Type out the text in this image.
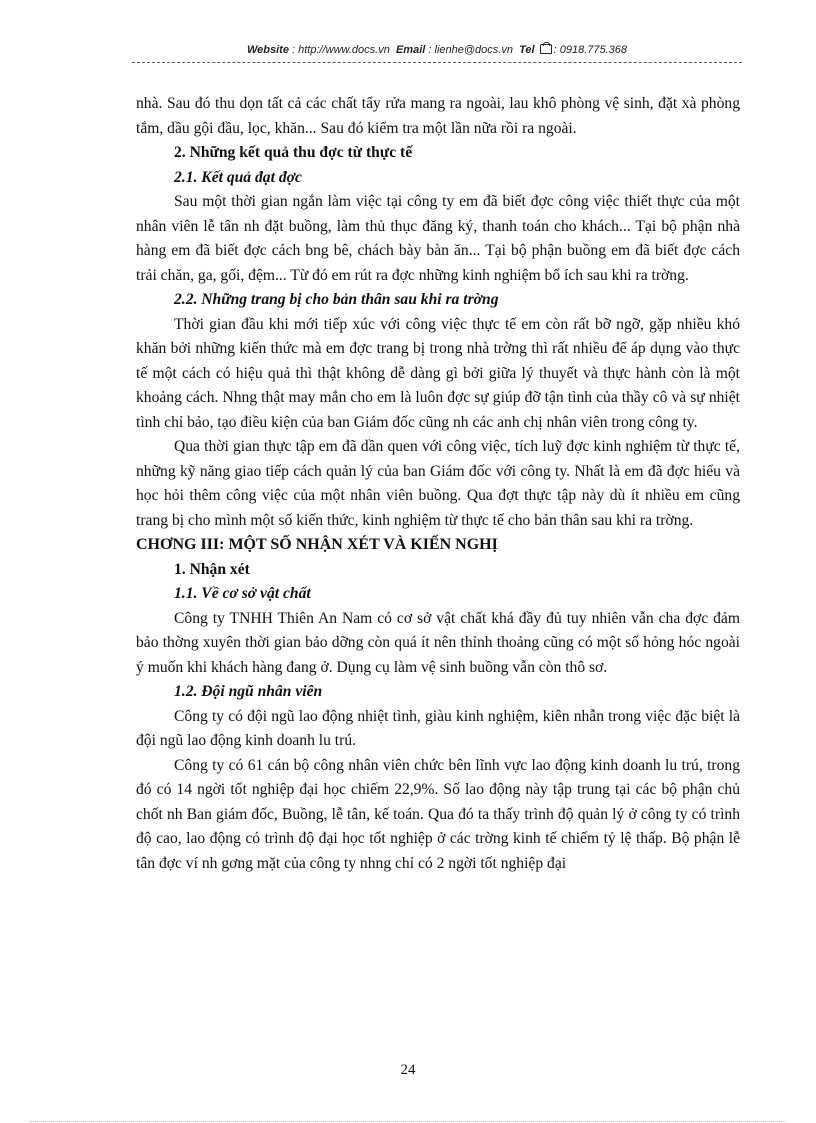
Website : http://www.docs.vn Email : lienhe@docs.vn Tel : 0918.775.368

nhà. Sau đó thu dọn tất cả các chất tẩy rửa mang ra ngoài, lau khô phòng vệ sinh, đặt xà phòng tắm, dầu gội đầu, lọc, khăn... Sau đó kiểm tra một lần nữa rồi ra ngoài.

2. Những kết quả thu đợc từ thực tế

2.1. Kết quả đạt đợc

Sau một thời gian ngắn làm việc tại công ty em đã biết đợc công việc thiết thực của một nhân viên lễ tân nh đặt buồng, làm thủ thục đăng ký, thanh toán cho khách... Tại bộ phận nhà hàng em đã biết đợc cách bng bê, chách bày bàn ăn... Tại bộ phận buồng em đã biết đợc cách trải chăn, ga, gối, đệm... Từ đó em rút ra đợc những kinh nghiệm bổ ích sau khi ra trờng.

2.2. Những trang bị cho bản thân sau khi ra trờng

Thời gian đầu khi mới tiếp xúc với công việc thực tế em còn rất bỡ ngỡ, gặp nhiều khó khăn bởi những kiến thức mà em đợc trang bị trong nhà trờng thì rất nhiều để áp dụng vào thực tế một cách có hiệu quả thì thật không dễ dàng gì bởi giữa lý thuyết và thực hành còn là một khoảng cách. Nhng thật may mắn cho em là luôn đợc sự giúp đỡ tận tình của thầy cô và sự nhiệt tình chỉ bảo, tạo điều kiện của ban Giám đốc cũng nh các anh chị nhân viên trong công ty.

Qua thời gian thực tập em đã dần quen với công việc, tích luỹ đợc kinh nghiệm từ thực tế, những kỹ năng giao tiếp cách quản lý của ban Giám đốc với công ty. Nhất là em đã đợc hiểu và học hỏi thêm công việc của một nhân viên buồng. Qua đợt thực tập này dù ít nhiều em cũng trang bị cho mình một số kiến thức, kinh nghiệm từ thực tế cho bản thân sau khi ra trờng.

CHƠNG III: MỘT SỐ NHẬN XÉT VÀ KIẾN NGHỊ

1. Nhận xét

1.1. Về cơ sở vật chất

Công ty TNHH Thiên An Nam có cơ sở vật chất khá đầy đủ tuy nhiên vẫn cha đợc đảm bảo thờng xuyên thời gian bảo dỡng còn quá ít nên thỉnh thoảng cũng có một số hỏng hóc ngoài ý muốn khi khách hàng đang ở. Dụng cụ làm vệ sinh buồng vẫn còn thô sơ.

1.2. Đội ngũ nhân viên

Công ty có đội ngũ lao động nhiệt tình, giàu kinh nghiệm, kiên nhẫn trong việc đặc biệt là đội ngũ lao động kinh doanh lu trú.

Công ty có 61 cán bộ công nhân viên chức bên lĩnh vực lao động kinh doanh lu trú, trong đó có 14 ngời tốt nghiệp đại học chiếm 22,9%. Số lao động này tập trung tại các bộ phận chủ chốt nh Ban giám đốc, Buồng, lễ tân, kế toán. Qua đó ta thấy trình độ quản lý ở công ty có trình độ cao, lao động có trình độ đại học tốt nghiệp ở các trờng kinh tế chiếm tỷ lệ thấp. Bộ phận lễ tân đợc ví nh gơng mặt của công ty nhng chỉ có 2 ngời tốt nghiệp đại

24
